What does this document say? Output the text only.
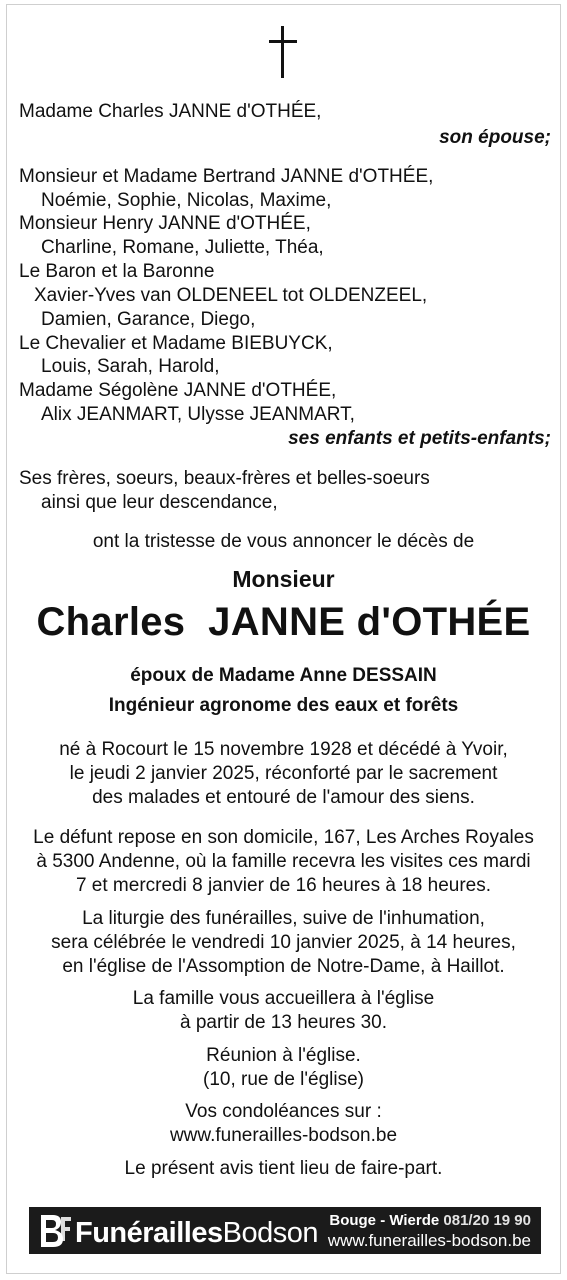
Madame Charles JANNE d'OTHÉE,
son épouse;
Monsieur et Madame Bertrand JANNE d'OTHÉE,
Noémie, Sophie, Nicolas, Maxime,
Monsieur Henry JANNE d'OTHÉE,
Charline, Romane, Juliette, Théa,
Le Baron et la Baronne
Xavier-Yves van OLDENEEL tot OLDENZEEL,
Damien, Garance, Diego,
Le Chevalier et Madame BIEBUYCK,
Louis, Sarah, Harold,
Madame Ségolène JANNE d'OTHÉE,
Alix JEANMART, Ulysse JEANMART,
ses enfants et petits-enfants;
Ses frères, soeurs, beaux-frères et belles-soeurs
ainsi que leur descendance,
ont la tristesse de vous annoncer le décès de
Monsieur
Charles  JANNE d'OTHÉE
époux de Madame Anne DESSAIN
Ingénieur agronome des eaux et forêts
né à Rocourt le 15 novembre 1928 et décédé à Yvoir,
le jeudi 2 janvier 2025, réconforté par le sacrement
des malades et entouré de l'amour des siens.
Le défunt repose en son domicile, 167, Les Arches Royales
à 5300 Andenne, où la famille recevra les visites ces mardi
7 et mercredi 8 janvier de 16 heures à 18 heures.
La liturgie des funérailles, suive de l'inhumation,
sera célébrée le vendredi 10 janvier 2025, à 14 heures,
en l'église de l'Assomption de Notre-Dame, à Haillot.
La famille vous accueillera à l'église
à partir de 13 heures 30.
Réunion à l'église.
(10, rue de l'église)
Vos condoléances sur :
www.funerailles-bodson.be
Le présent avis tient lieu de faire-part.
FunéraillesBodson Bouge - Wierde 081/20 19 90
www.funerailles-bodson.be
